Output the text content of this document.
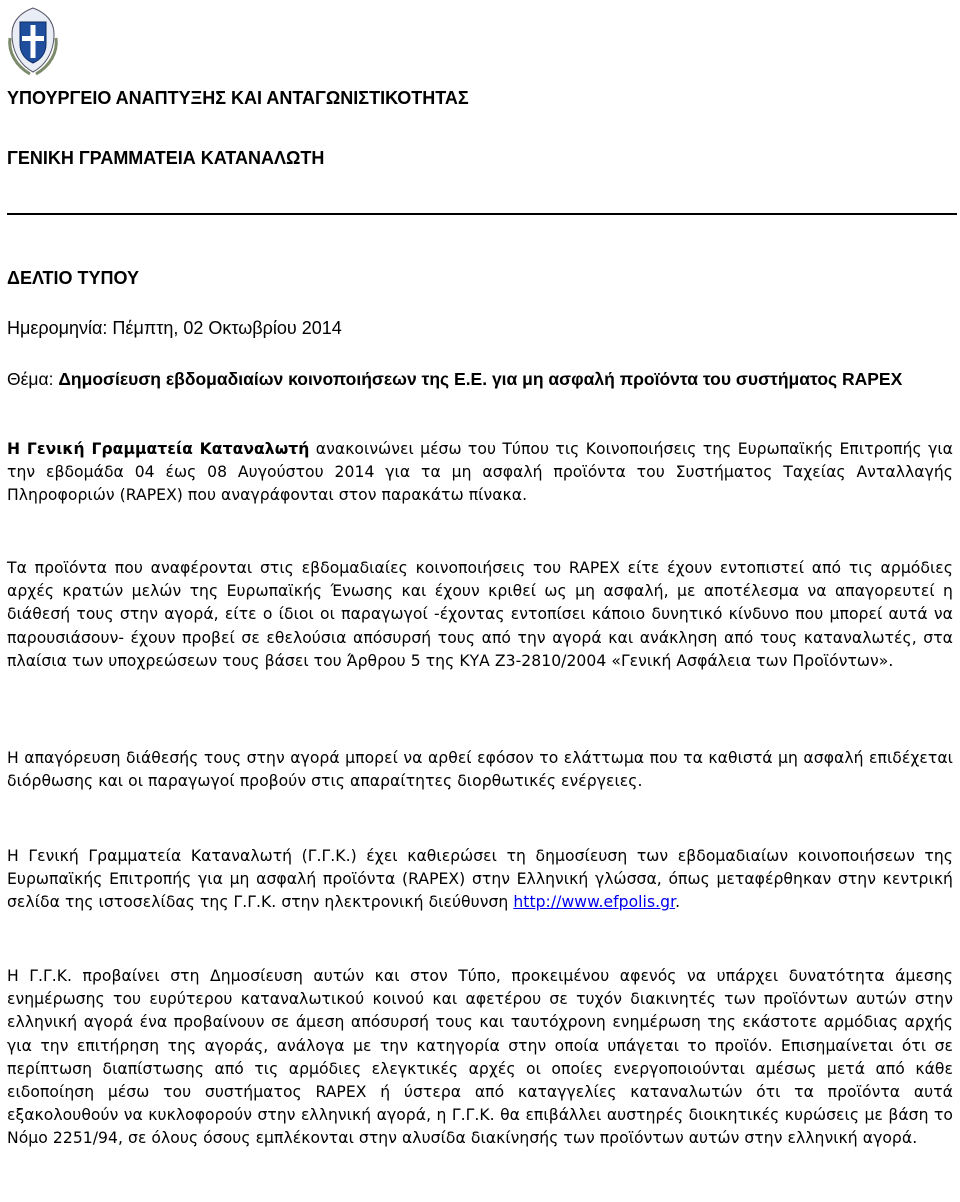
ΥΠΟΥΡΓΕΙΟ ΑΝΑΠΤΥΞΗΣ ΚΑΙ ΑΝΤΑΓΩΝΙΣΤΙΚΟΤΗΤΑΣ
ΓΕΝΙΚΗ ΓΡΑΜΜΑΤΕΙΑ ΚΑΤΑΝΑΛΩΤΗ
ΔΕΛΤΙΟ ΤΥΠΟΥ
Ημερομηνία: Πέμπτη, 02 Οκτωβρίου 2014
Θέμα: Δημοσίευση εβδομαδιαίων κοινοποιήσεων της Ε.Ε. για μη ασφαλή προϊόντα του συστήματος RAPEX

Η Γενική Γραμματεία Καταναλωτή ανακοινώνει μέσω του Τύπου τις Κοινοποιήσεις της Ευρωπαϊκής Επιτροπής για την εβδομάδα 04 έως 08 Αυγούστου 2014 για τα μη ασφαλή προϊόντα του Συστήματος Ταχείας Ανταλλαγής Πληροφοριών (RAPEX) που αναγράφονται στον παρακάτω πίνακα.

Τα προϊόντα που αναφέρονται στις εβδομαδιαίες κοινοποιήσεις του RAPEX είτε έχουν εντοπιστεί από τις αρμόδιες αρχές κρατών μελών της Ευρωπαϊκής Ένωσης και έχουν κριθεί ως μη ασφαλή, με αποτέλεσμα να απαγορευτεί η διάθεσή τους στην αγορά, είτε ο ίδιοι οι παραγωγοί -έχοντας εντοπίσει κάποιο δυνητικό κίνδυνο που μπορεί αυτά να παρουσιάσουν- έχουν προβεί σε εθελούσια απόσυρσή τους από την αγορά και ανάκληση από τους καταναλωτές, στα πλαίσια των υποχρεώσεων τους βάσει του Άρθρου 5 της ΚΥΑ Ζ3-2810/2004 «Γενική Ασφάλεια των Προϊόντων».

Η απαγόρευση διάθεσής τους στην αγορά μπορεί να αρθεί εφόσον το ελάττωμα που τα καθιστά μη ασφαλή επιδέχεται διόρθωσης και οι παραγωγοί προβούν στις απαραίτητες διορθωτικές ενέργειες.

Η Γενική Γραμματεία Καταναλωτή (Γ.Γ.Κ.) έχει καθιερώσει τη δημοσίευση των εβδομαδιαίων κοινοποιήσεων της Ευρωπαϊκής Επιτροπής για μη ασφαλή προϊόντα (RAPEX) στην Ελληνική γλώσσα, όπως μεταφέρθηκαν στην κεντρική σελίδα της ιστοσελίδας της Γ.Γ.Κ. στην ηλεκτρονική διεύθυνση http://www.efpolis.gr.

Η Γ.Γ.Κ. προβαίνει στη Δημοσίευση αυτών και στον Τύπο, προκειμένου αφενός να υπάρχει δυνατότητα άμεσης ενημέρωσης του ευρύτερου καταναλωτικού κοινού και αφετέρου σε τυχόν διακινητές των προϊόντων αυτών στην ελληνική αγορά ένα προβαίνουν σε άμεση απόσυρσή τους και ταυτόχρονη ενημέρωση της εκάστοτε αρμόδιας αρχής για την επιτήρηση της αγοράς, ανάλογα με την κατηγορία στην οποία υπάγεται το προϊόν. Επισημαίνεται ότι σε περίπτωση διαπίστωσης από τις αρμόδιες ελεγκτικές αρχές οι οποίες ενεργοποιούνται αμέσως μετά από κάθε ειδοποίηση μέσω του συστήματος RAPEX ή ύστερα από καταγγελίες καταναλωτών ότι τα προϊόντα αυτά εξακολουθούν να κυκλοφορούν στην ελληνική αγορά, η Γ.Γ.Κ. θα επιβάλλει αυστηρές διοικητικές κυρώσεις με βάση το Νόμο 2251/94, σε όλους όσους εμπλέκονται στην αλυσίδα διακίνησής των προϊόντων αυτών στην ελληνική αγορά.
